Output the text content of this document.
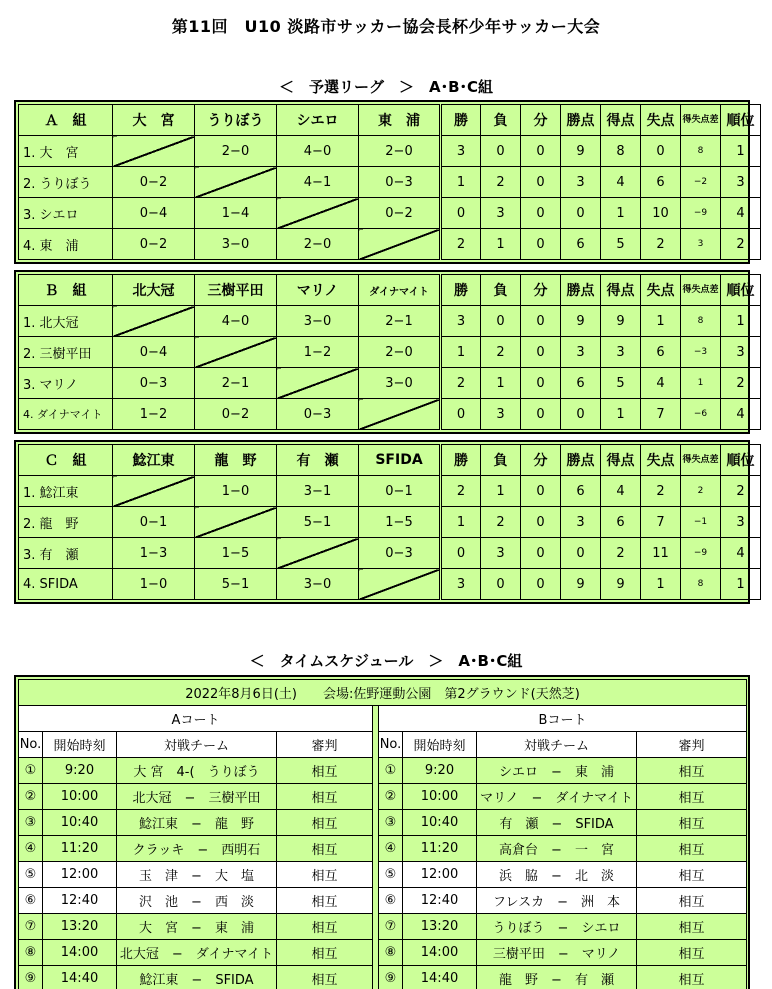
第11回　U10 淡路市サッカー協会長杯少年サッカー大会
＜　予選リーグ　＞　A･B･C組
Ａ　組	大　宮	うりぼう	シエロ	東　浦	勝	負	分	勝点	得点	失点	得失点差	順位
1. 大　宮		2−0	4−0	2−0	3	0	0	9	8	0	8	1
2. うりぼう	0−2		4−1	0−3	1	2	0	3	4	6	−2	3
3. シエロ	0−4	1−4		0−2	0	3	0	0	1	10	−9	4
4. 東　浦	0−2	3−0	2−0		2	1	0	6	5	2	3	2
Ｂ　組	北大冠	三樹平田	マリノ	ダイナマイト	勝	負	分	勝点	得点	失点	得失点差	順位
1. 北大冠		4−0	3−0	2−1	3	0	0	9	9	1	8	1
2. 三樹平田	0−4		1−2	2−0	1	2	0	3	3	6	−3	3
3. マリノ	0−3	2−1		3−0	2	1	0	6	5	4	1	2
4. ダイナマイト	1−2	0−2	0−3		0	3	0	0	1	7	−6	4
Ｃ　組	鯰江東	龍　野	有　瀬	SFIDA	勝	負	分	勝点	得点	失点	得失点差	順位
1. 鯰江東		1−0	3−1	0−1	2	1	0	6	4	2	2	2
2. 龍　野	0−1		5−1	1−5	1	2	0	3	6	7	−1	3
3. 有　瀬	1−3	1−5		0−3	0	3	0	0	2	11	−9	4
4. SFIDA	1−0	5−1	3−0		3	0	0	9	9	1	8	1
＜　タイムスケジュール　＞　A･B･C組
2022年8月6日(土)　　会場:佐野運動公園　第2グラウンド(天然芝)								
Aコート					Bコート			
No.	開始時刻	対戦チーム	審判		No.	開始時刻	対戦チーム	審判
①	9:20	大 宮　4-(　うりぼう	相互		①	9:20	シエロ　−　東　浦	相互
②	10:00	北大冠　−　三樹平田	相互		②	10:00	マリノ　−　ダイナマイト	相互
③	10:40	鯰江東　−　龍　野	相互		③	10:40	有　瀬　−　SFIDA	相互
④	11:20	クラッキ　−　西明石	相互		④	11:20	高倉台　−　一　宮	相互
⑤	12:00	玉　津　−　大　塩	相互		⑤	12:00	浜　脇　−　北　淡	相互
⑥	12:40	沢　池　−　西　淡	相互		⑥	12:40	フレスカ　−　洲　本	相互
⑦	13:20	大　宮　−　東　浦	相互		⑦	13:20	うりぼう　−　シエロ	相互
⑧	14:00	北大冠　−　ダイナマイト	相互		⑧	14:00	三樹平田　−　マリノ	相互
⑨	14:40	鯰江東　−　SFIDA	相互		⑨	14:40	龍　野　−　有　瀬	相互
